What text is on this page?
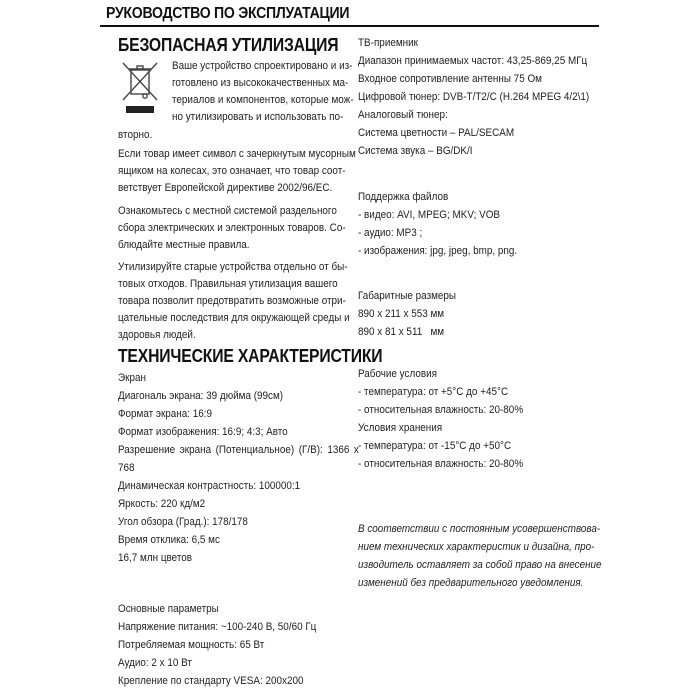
РУКОВОДСТВО ПО ЭКСПЛУАТАЦИИ
БЕЗОПАСНАЯ УТИЛИЗАЦИЯ
Ваше устройство спроектировано и из-
готовлено из высококачественных ма-
териалов и компонентов, которые мож-
но утилизировать и использовать по-
вторно.
Если товар имеет символ с зачеркнутым мусорным
ящиком на колесах, это означает, что товар соот-
ветствует Европейской директиве 2002/96/ЕС.
Ознакомьтесь с местной системой раздельного
сбора электрических и электронных товаров. Со-
блюдайте местные правила.
Утилизируйте старые устройства отдельно от бы-
товых отходов. Правильная утилизация вашего
товара позволит предотвратить возможные отри-
цательные последствия для окружающей среды и
здоровья людей.
ТЕХНИЧЕСКИЕ ХАРАКТЕРИСТИКИ
Экран
Диагональ экрана: 39 дюйма (99см)
Формат экрана: 16:9
Формат изображения: 16:9; 4:3; Авто
Разрешение экрана (Потенциальное) (Г/В): 1366 x
768
Динамическая контрастность: 100000:1
Яркость: 220 кд/м2
Угол обзора (Град.): 178/178
Время отклика: 6,5 мс
16,7 млн цветов
Основные параметры
Напряжение питания: ~100-240 В, 50/60 Гц
Потребляемая мощность: 65 Вт
Аудио: 2 x 10 Вт
Крепление по стандарту VESA: 200x200
ТВ-приемник
Диапазон принимаемых частот: 43,25-869,25 МГц
Входное сопротивление антенны 75 Ом
Цифровой тюнер: DVB-T/T2/C (H.264 MPEG 4/2\1)
Аналоговый тюнер:
Система цветности – PAL/SECAM
Система звука – BG/DK/I
Поддержка файлов
- видео: AVI, MPEG; MKV; VOB
- аудио: MP3 ;
- изображения: jpg, jpeg, bmp, png.
Габаритные размеры
890 x 211 x 553 мм
890 x 81 x 511   мм
Рабочие условия
- температура: от +5°С до +45°С
- относительная влажность: 20-80%
Условия хранения
- температура: от -15°С до +50°С
- относительная влажность: 20-80%
В соответствии с постоянным усовершенствова-
нием технических характеристик и дизайна, про-
изводитель оставляет за собой право на внесение
изменений без предварительного уведомления.
